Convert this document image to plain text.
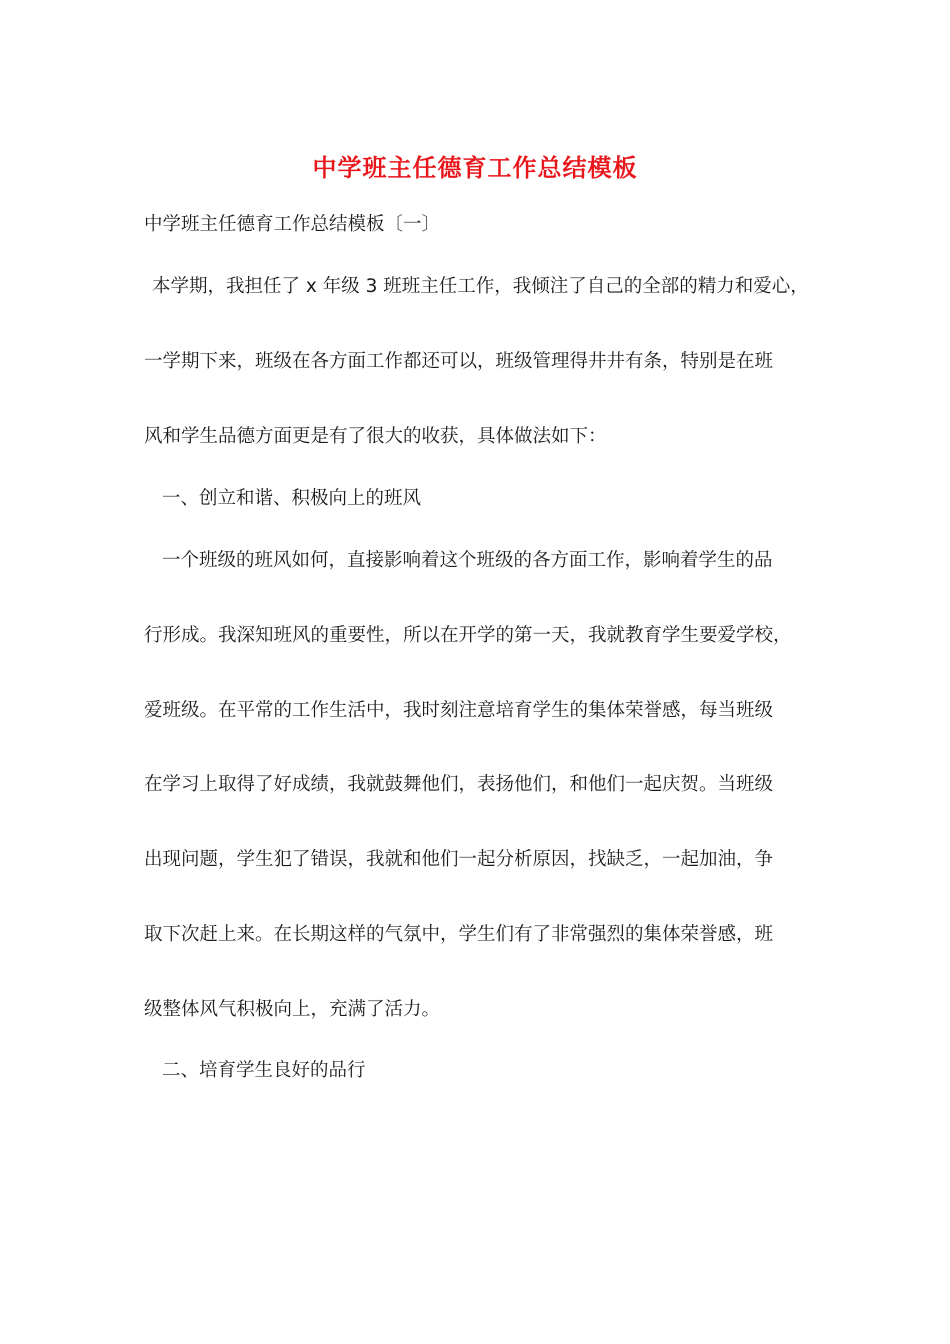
中学班主任德育工作总结模板
中学班主任德育工作总结模板〔一〕
本学期，我担任了 x 年级 3 班班主任工作，我倾注了自己的全部的精力和爱心，
一学期下来，班级在各方面工作都还可以，班级管理得井井有条，特别是在班
风和学生品德方面更是有了很大的收获，具体做法如下：
一、创立和谐、积极向上的班风
一个班级的班风如何，直接影响着这个班级的各方面工作，影响着学生的品
行形成。我深知班风的重要性，所以在开学的第一天，我就教育学生要爱学校，
爱班级。在平常的工作生活中，我时刻注意培育学生的集体荣誉感，每当班级
在学习上取得了好成绩，我就鼓舞他们，表扬他们，和他们一起庆贺。当班级
出现问题，学生犯了错误，我就和他们一起分析原因，找缺乏，一起加油，争
取下次赶上来。在长期这样的气氛中，学生们有了非常强烈的集体荣誉感，班
级整体风气积极向上，充满了活力。
二、培育学生良好的品行
